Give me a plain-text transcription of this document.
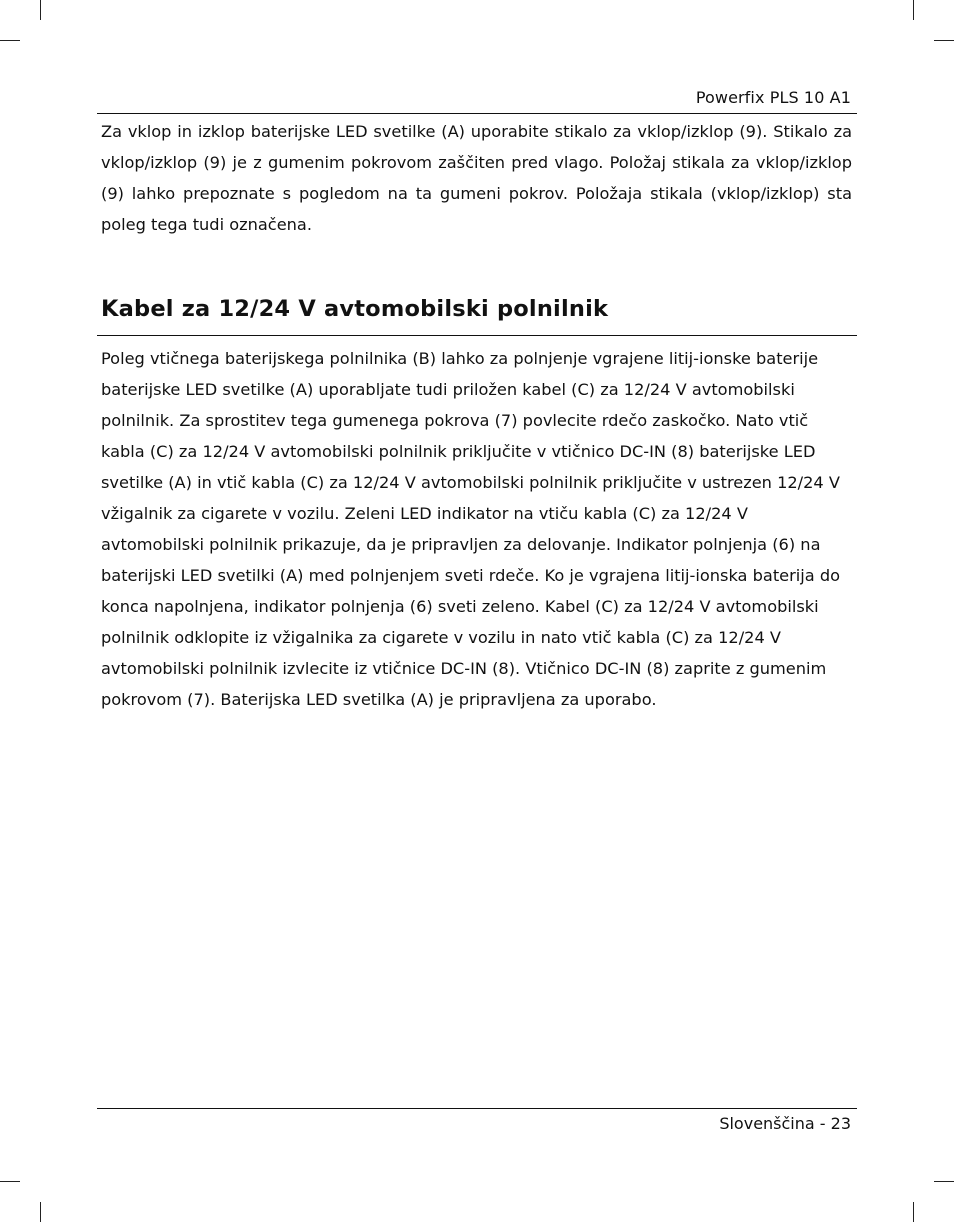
Powerfix PLS 10 A1

Za vklop in izklop baterijske LED svetilke (A) uporabite stikalo za vklop/izklop (9). Stikalo za vklop/izklop (9) je z gumenim pokrovom zaščiten pred vlago. Položaj stikala za vklop/izklop (9) lahko prepoznate s pogledom na ta gumeni pokrov. Položaja stikala (vklop/izklop) sta poleg tega tudi označena.

Kabel za 12/24 V avtomobilski polnilnik

Poleg vtičnega baterijskega polnilnika (B) lahko za polnjenje vgrajene litij-ionske baterije baterijske LED svetilke (A) uporabljate tudi priložen kabel (C) za 12/24 V avtomobilski polnilnik. Za sprostitev tega gumenega pokrova (7) povlecite rdečo zaskočko. Nato vtič kabla (C) za 12/24 V avtomobilski polnilnik priključite v vtičnico DC-IN (8) baterijske LED svetilke (A) in vtič kabla (C) za 12/24 V avtomobilski polnilnik priključite v ustrezen 12/24 V vžigalnik za cigarete v vozilu. Zeleni LED indikator na vtiču kabla (C) za 12/24 V avtomobilski polnilnik prikazuje, da je pripravljen za delovanje. Indikator polnjenja (6) na baterijski LED svetilki (A) med polnjenjem sveti rdeče. Ko je vgrajena litij-ionska baterija do konca napolnjena, indikator polnjenja (6) sveti zeleno. Kabel (C) za 12/24 V avtomobilski polnilnik odklopite iz vžigalnika za cigarete v vozilu in nato vtič kabla (C) za 12/24 V avtomobilski polnilnik izvlecite iz vtičnice DC-IN (8). Vtičnico DC-IN (8) zaprite z gumenim pokrovom (7). Baterijska LED svetilka (A) je pripravljena za uporabo.

Slovenščina - 23
